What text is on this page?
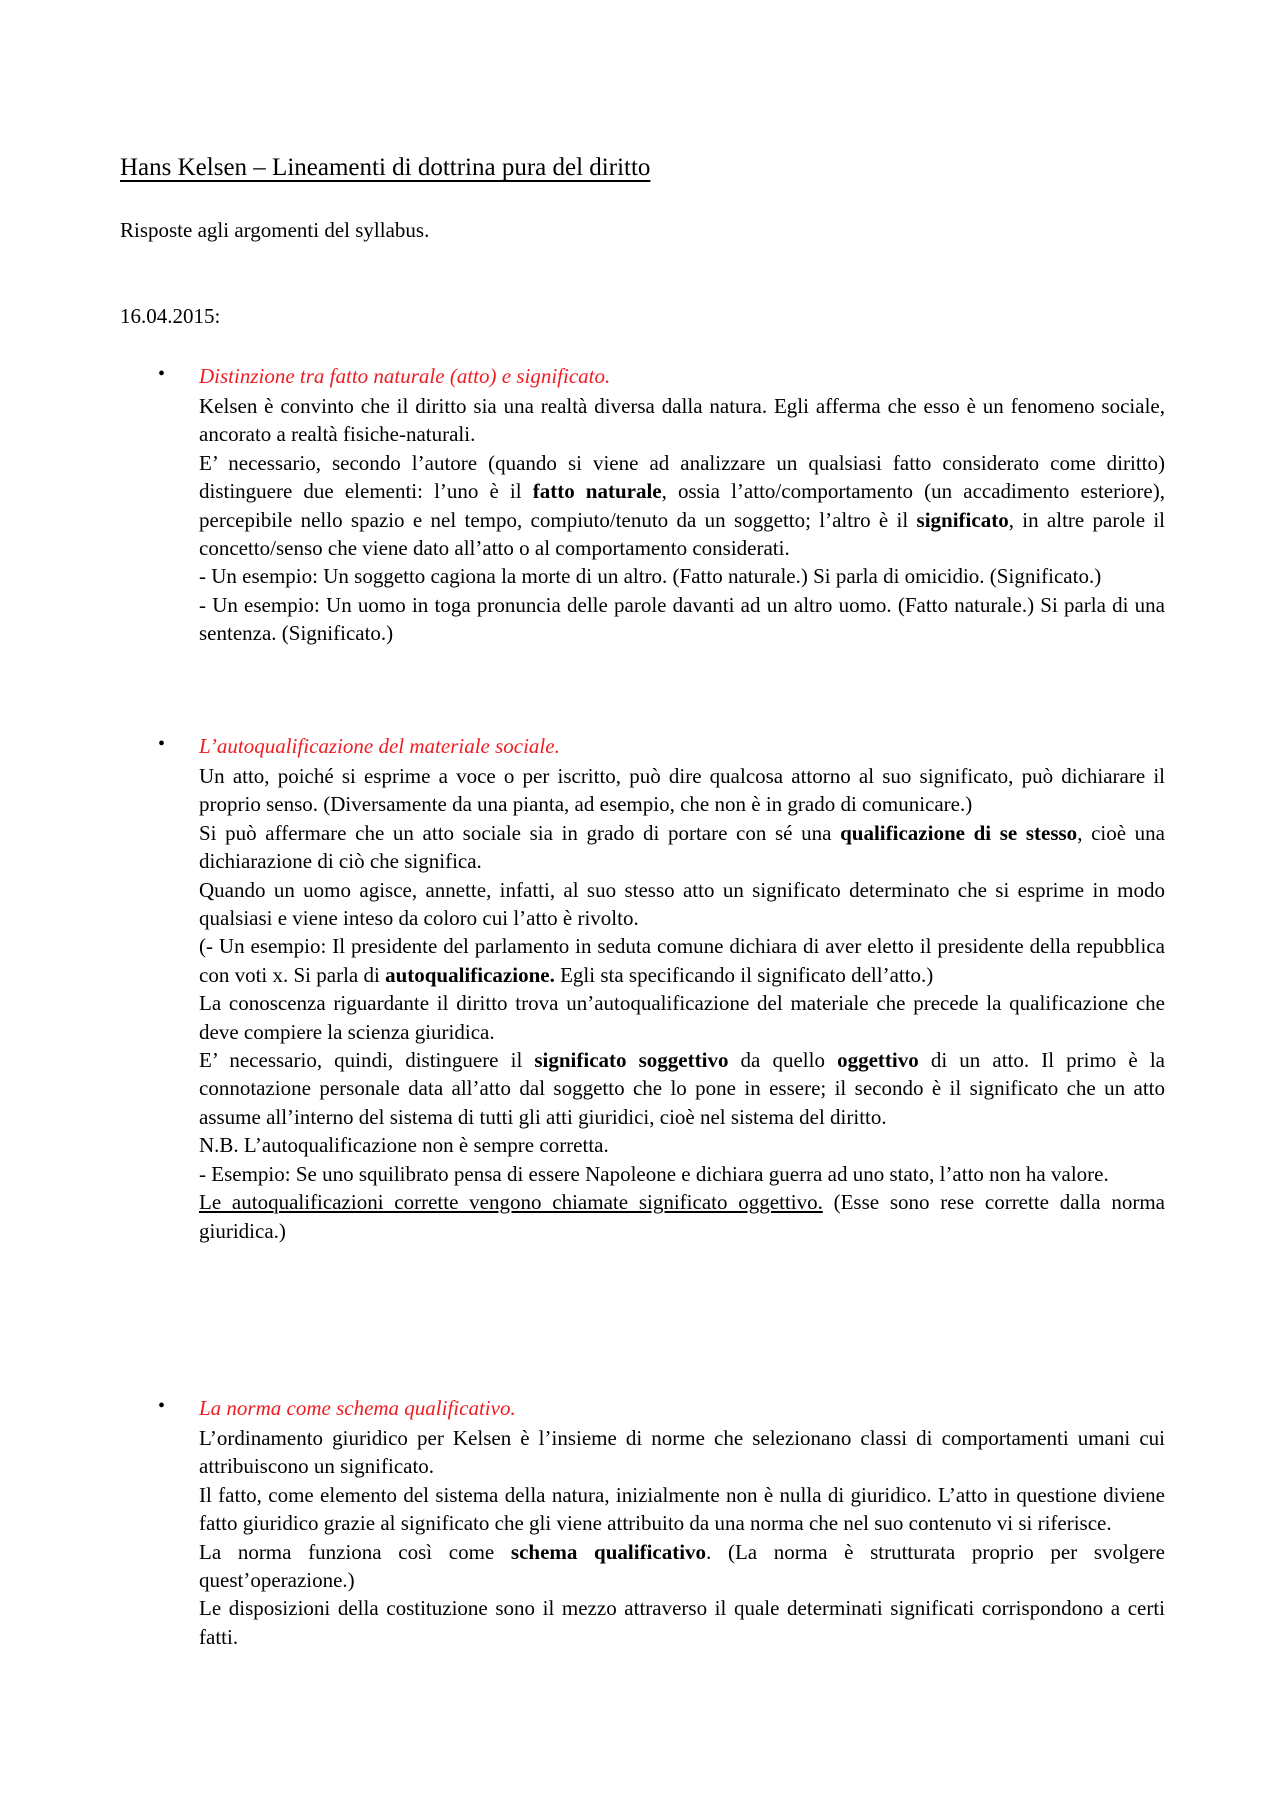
Hans Kelsen – Lineamenti di dottrina pura del diritto

Risposte agli argomenti del syllabus.

16.04.2015:

• Distinzione tra fatto naturale (atto) e significato.

Kelsen è convinto che il diritto sia una realtà diversa dalla natura. Egli afferma che esso è un fenomeno sociale, ancorato a realtà fisiche-naturali.

E’ necessario, secondo l’autore (quando si viene ad analizzare un qualsiasi fatto considerato come diritto) distinguere due elementi: l’uno è il fatto naturale, ossia l’atto/comportamento (un accadimento esteriore), percepibile nello spazio e nel tempo, compiuto/tenuto da un soggetto; l’altro è il significato, in altre parole il concetto/senso che viene dato all’atto o al comportamento considerati.

- Un esempio: Un soggetto cagiona la morte di un altro. (Fatto naturale.) Si parla di omicidio. (Significato.)

- Un esempio: Un uomo in toga pronuncia delle parole davanti ad un altro uomo. (Fatto naturale.) Si parla di una sentenza. (Significato.)

• L’autoqualificazione del materiale sociale.

Un atto, poiché si esprime a voce o per iscritto, può dire qualcosa attorno al suo significato, può dichiarare il proprio senso. (Diversamente da una pianta, ad esempio, che non è in grado di comunicare.)

Si può affermare che un atto sociale sia in grado di portare con sé una qualificazione di se stesso, cioè una dichiarazione di ciò che significa.

Quando un uomo agisce, annette, infatti, al suo stesso atto un significato determinato che si esprime in modo qualsiasi e viene inteso da coloro cui l’atto è rivolto.

(- Un esempio: Il presidente del parlamento in seduta comune dichiara di aver eletto il presidente della repubblica con voti x. Si parla di autoqualificazione. Egli sta specificando il significato dell’atto.)

La conoscenza riguardante il diritto trova un’autoqualificazione del materiale che precede la qualificazione che deve compiere la scienza giuridica.

E’ necessario, quindi, distinguere il significato soggettivo da quello oggettivo di un atto. Il primo è la connotazione personale data all’atto dal soggetto che lo pone in essere; il secondo è il significato che un atto assume all’interno del sistema di tutti gli atti giuridici, cioè nel sistema del diritto.

N.B. L’autoqualificazione non è sempre corretta.

- Esempio: Se uno squilibrato pensa di essere Napoleone e dichiara guerra ad uno stato, l’atto non ha valore.

Le autoqualificazioni corrette vengono chiamate significato oggettivo. (Esse sono rese corrette dalla norma giuridica.)

• La norma come schema qualificativo.

L’ordinamento giuridico per Kelsen è l’insieme di norme che selezionano classi di comportamenti umani cui attribuiscono un significato.

Il fatto, come elemento del sistema della natura, inizialmente non è nulla di giuridico. L’atto in questione diviene fatto giuridico grazie al significato che gli viene attribuito da una norma che nel suo contenuto vi si riferisce.

La norma funziona così come schema qualificativo. (La norma è strutturata proprio per svolgere quest’operazione.)

Le disposizioni della costituzione sono il mezzo attraverso il quale determinati significati corrispondono a certi fatti.
